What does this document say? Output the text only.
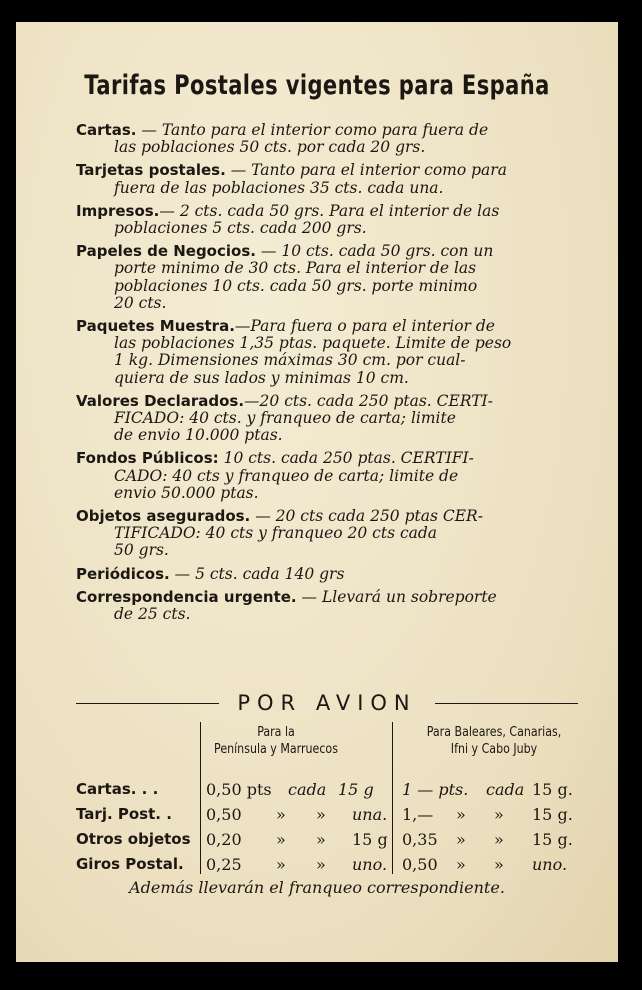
Tarifas Postales vigentes para España
Cartas. — Tanto para el interior como para fuera de
las poblaciones 50 cts. por cada 20 grs.
Tarjetas postales. — Tanto para el interior como para
fuera de las poblaciones 35 cts. cada una.
Impresos.— 2 cts. cada 50 grs. Para el interior de las
poblaciones 5 cts. cada 200 grs.
Papeles de Negocios. — 10 cts. cada 50 grs. con un
porte minimo de 30 cts. Para el interior de las
poblaciones 10 cts. cada 50 grs. porte minimo
20 cts.
Paquetes Muestra.—Para fuera o para el interior de
las poblaciones 1,35 ptas. paquete. Limite de peso
1 kg. Dimensiones máximas 30 cm. por cual-
quiera de sus lados y minimas 10 cm.
Valores Declarados.—20 cts. cada 250 ptas. CERTI-
FICADO: 40 cts. y franqueo de carta; limite
de envio 10.000 ptas.
Fondos Públicos: 10 cts. cada 250 ptas. CERTIFI-
CADO: 40 cts y franqueo de carta; limite de
envio 50.000 ptas.
Objetos asegurados. — 20 cts cada 250 ptas CER-
TIFICADO: 40 cts y franqueo 20 cts cada
50 grs.
Periódicos. — 5 cts. cada 140 grs
Correspondencia urgente. — Llevará un sobreporte
de 25 cts.
POR AVION
Para la
Península y Marruecos
Para Baleares, Canarias,
Ifni y Cabo Juby
Cartas. . .	0,50 pts cada 15 g 1 — pts. cada 15 g.
Tarj. Post. . 0,50 » » una. 1,— » » 15 g.
Otros objetos 0,20 » » 15 g 0,35 » » 15 g.
Giros Postal. 0,25 » » uno. 0,50 » » uno.
Además llevarán el franqueo correspondiente.
